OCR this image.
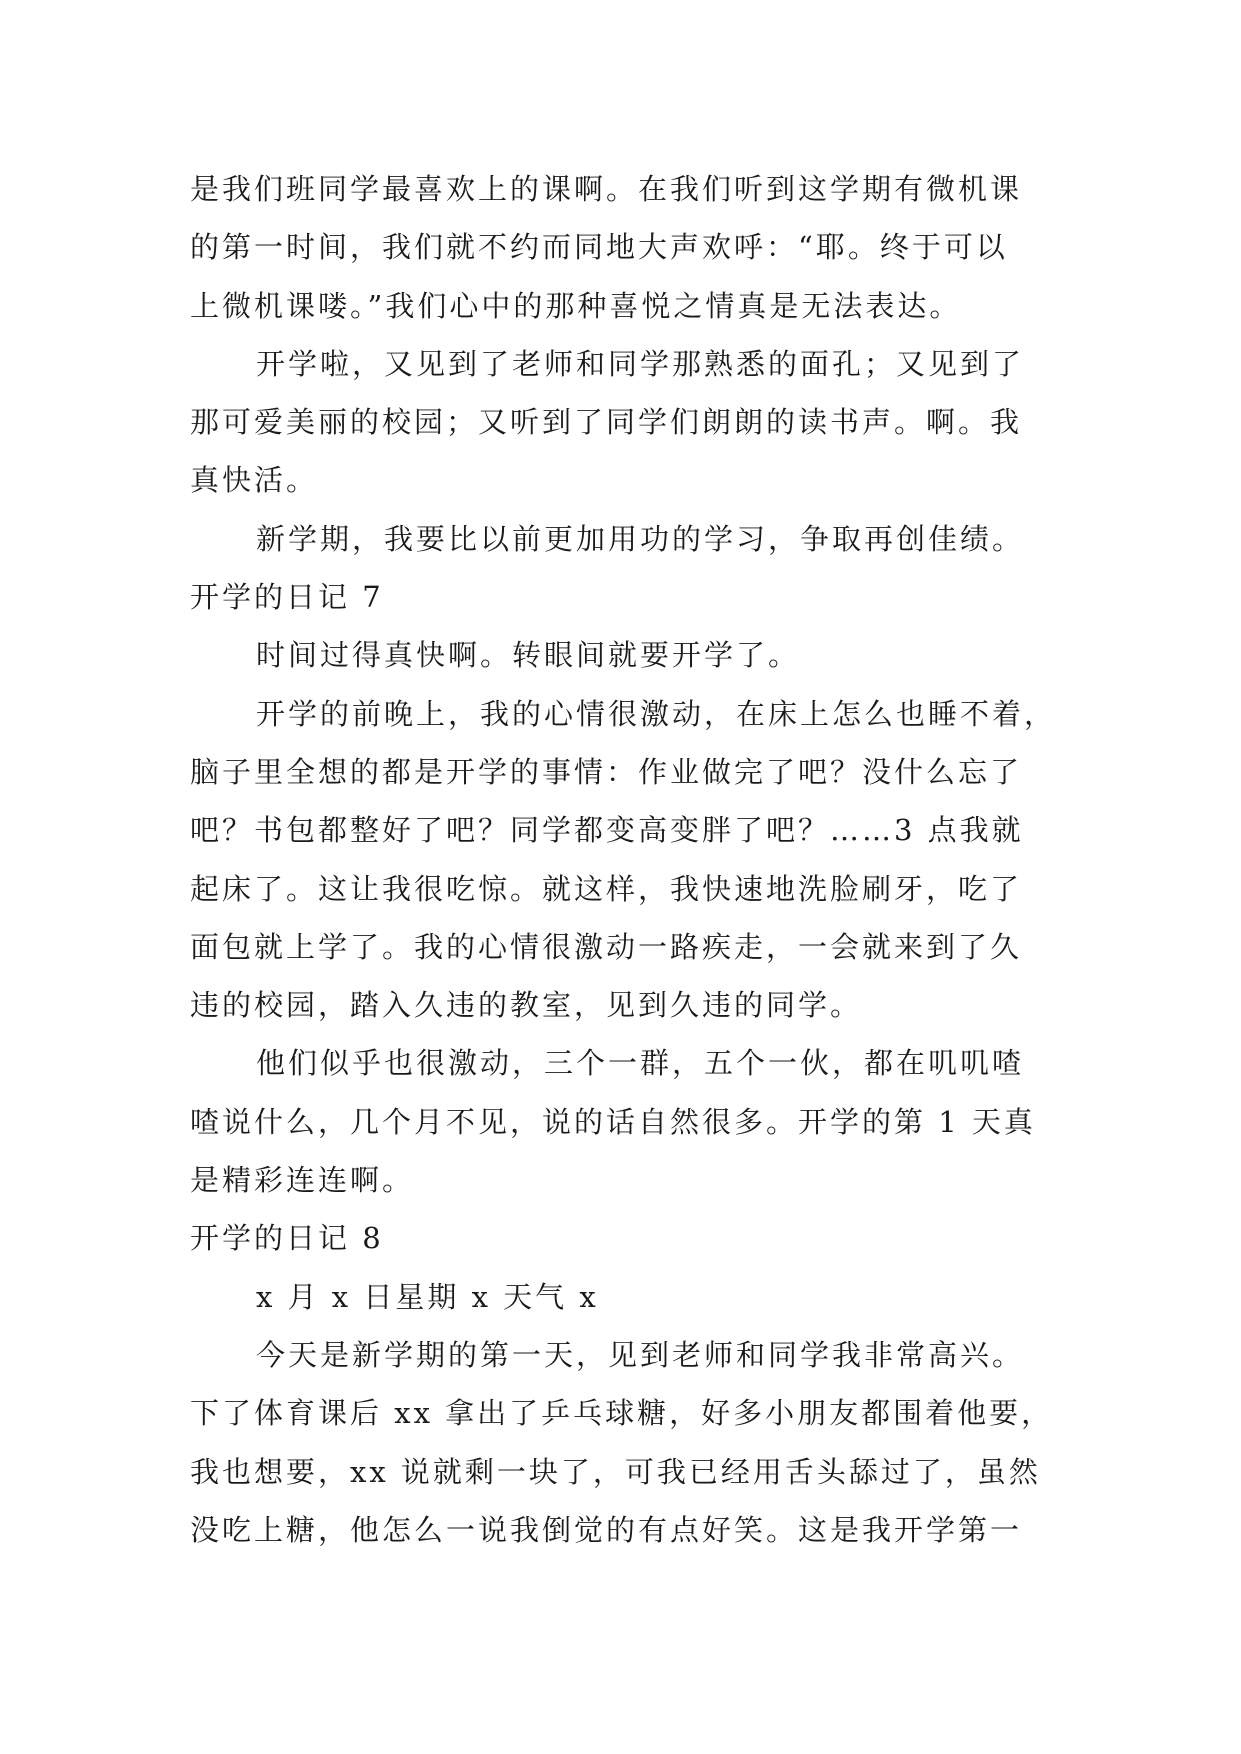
是我们班同学最喜欢上的课啊。在我们听到这学期有微机课
的第一时间，我们就不约而同地大声欢呼：“耶。终于可以
上微机课喽。”我们心中的那种喜悦之情真是无法表达。
开学啦，又见到了老师和同学那熟悉的面孔；又见到了
那可爱美丽的校园；又听到了同学们朗朗的读书声。啊。我
真快活。
新学期，我要比以前更加用功的学习，争取再创佳绩。
开学的日记 7
时间过得真快啊。转眼间就要开学了。
开学的前晚上，我的心情很激动，在床上怎么也睡不着，
脑子里全想的都是开学的事情：作业做完了吧？没什么忘了
吧？书包都整好了吧？同学都变高变胖了吧？……3 点我就
起床了。这让我很吃惊。就这样，我快速地洗脸刷牙，吃了
面包就上学了。我的心情很激动一路疾走，一会就来到了久
违的校园，踏入久违的教室，见到久违的同学。
他们似乎也很激动，三个一群，五个一伙，都在叽叽喳
喳说什么，几个月不见，说的话自然很多。开学的第 1 天真
是精彩连连啊。
开学的日记 8
x 月 x 日星期 x 天气 x
今天是新学期的第一天，见到老师和同学我非常高兴。
下了体育课后 xx 拿出了乒乓球糖，好多小朋友都围着他要，
我也想要，xx 说就剩一块了，可我已经用舌头舔过了，虽然
没吃上糖，他怎么一说我倒觉的有点好笑。这是我开学第一
